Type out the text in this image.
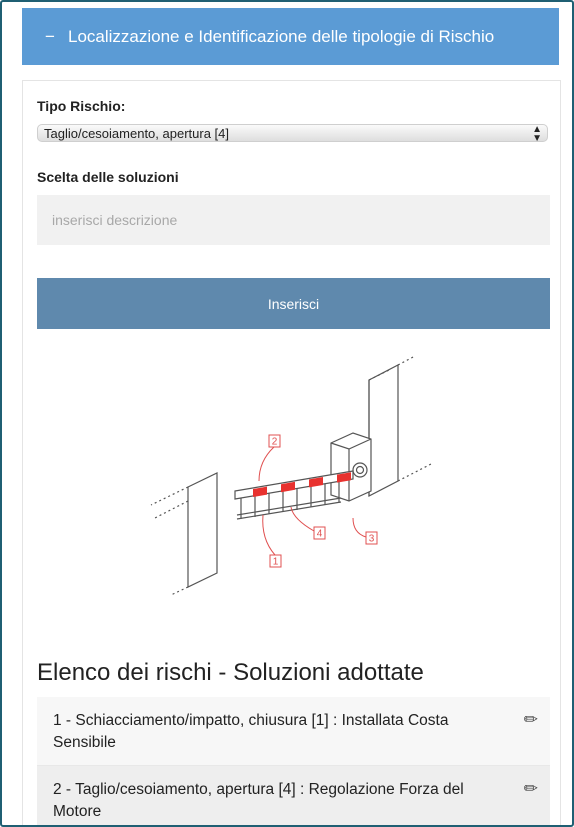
− Localizzazione e Identificazione delle tipologie di Rischio
Tipo Rischio:
Taglio/cesoiamento, apertura [4]	▲
▼
Scelta delle soluzioni
inserisci descrizione
Inserisci
2
1
3
4
Elenco dei rischi - Soluzioni adottate
1 - Schiacciamento/impatto, chiusura [1] : Installata Costa Sensibile
✏
2 - Taglio/cesoiamento, apertura [4] : Regolazione Forza del Motore
✏
